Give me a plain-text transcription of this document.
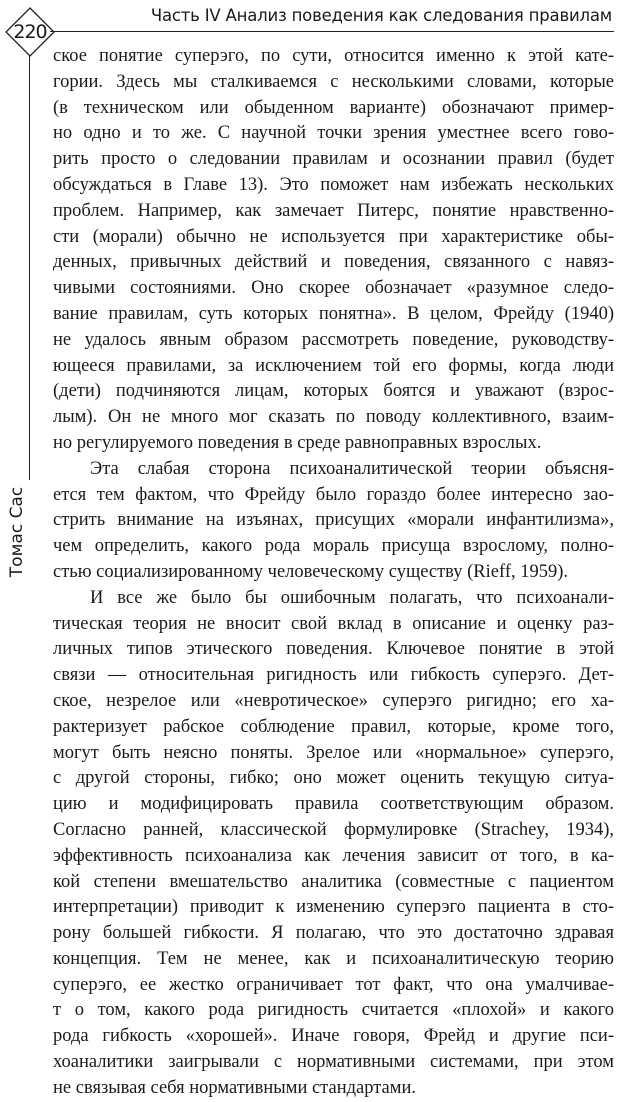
220
Часть IV Анализ поведения как следования правилам
Томас Сас
ское понятие суперэго, по сути, относится именно к этой кате-
гории. Здесь мы сталкиваемся с несколькими словами, которые
(в техническом или обыденном варианте) обозначают пример-
но одно и то же. С научной точки зрения уместнее всего гово-
рить просто о следовании правилам и осознании правил (будет
обсуждаться в Главе 13). Это поможет нам избежать нескольких
проблем. Например, как замечает Питерс, понятие нравственно-
сти (морали) обычно не используется при характеристике обы-
денных, привычных действий и поведения, связанного с навяз-
чивыми состояниями. Оно скорее обозначает «разумное следо-
вание правилам, суть которых понятна». В целом, Фрейду (1940)
не удалось явным образом рассмотреть поведение, руководству-
ющееся правилами, за исключением той его формы, когда люди
(дети) подчиняются лицам, которых боятся и уважают (взрос-
лым). Он не много мог сказать по поводу коллективного, взаим-
но регулируемого поведения в среде равноправных взрослых.
Эта слабая сторона психоаналитической теории объясня-
ется тем фактом, что Фрейду было гораздо более интересно зао-
стрить внимание на изъянах, присущих «морали инфантилизма»,
чем определить, какого рода мораль присуща взрослому, полно-
стью социализированному человеческому существу (Rieff, 1959).
И все же было бы ошибочным полагать, что психоанали-
тическая теория не вносит свой вклад в описание и оценку раз-
личных типов этического поведения. Ключевое понятие в этой
связи — относительная ригидность или гибкость суперэго. Дет-
ское, незрелое или «невротическое» суперэго ригидно; его ха-
рактеризует рабское соблюдение правил, которые, кроме того,
могут быть неясно поняты. Зрелое или «нормальное» суперэго,
с другой стороны, гибко; оно может оценить текущую ситуа-
цию и модифицировать правила соответствующим образом.
Согласно ранней, классической формулировке (Strachey, 1934),
эффективность психоанализа как лечения зависит от того, в ка-
кой степени вмешательство аналитика (совместные с пациентом
интерпретации) приводит к изменению суперэго пациента в сто-
рону большей гибкости. Я полагаю, что это достаточно здравая
концепция. Тем не менее, как и психоаналитическую теорию
суперэго, ее жестко ограничивает тот факт, что она умалчивае-
т о том, какого рода ригидность считается «плохой» и какого
рода гибкость «хорошей». Иначе говоря, Фрейд и другие пси-
хоаналитики заигрывали с нормативными системами, при этом
не связывая себя нормативными стандартами.
